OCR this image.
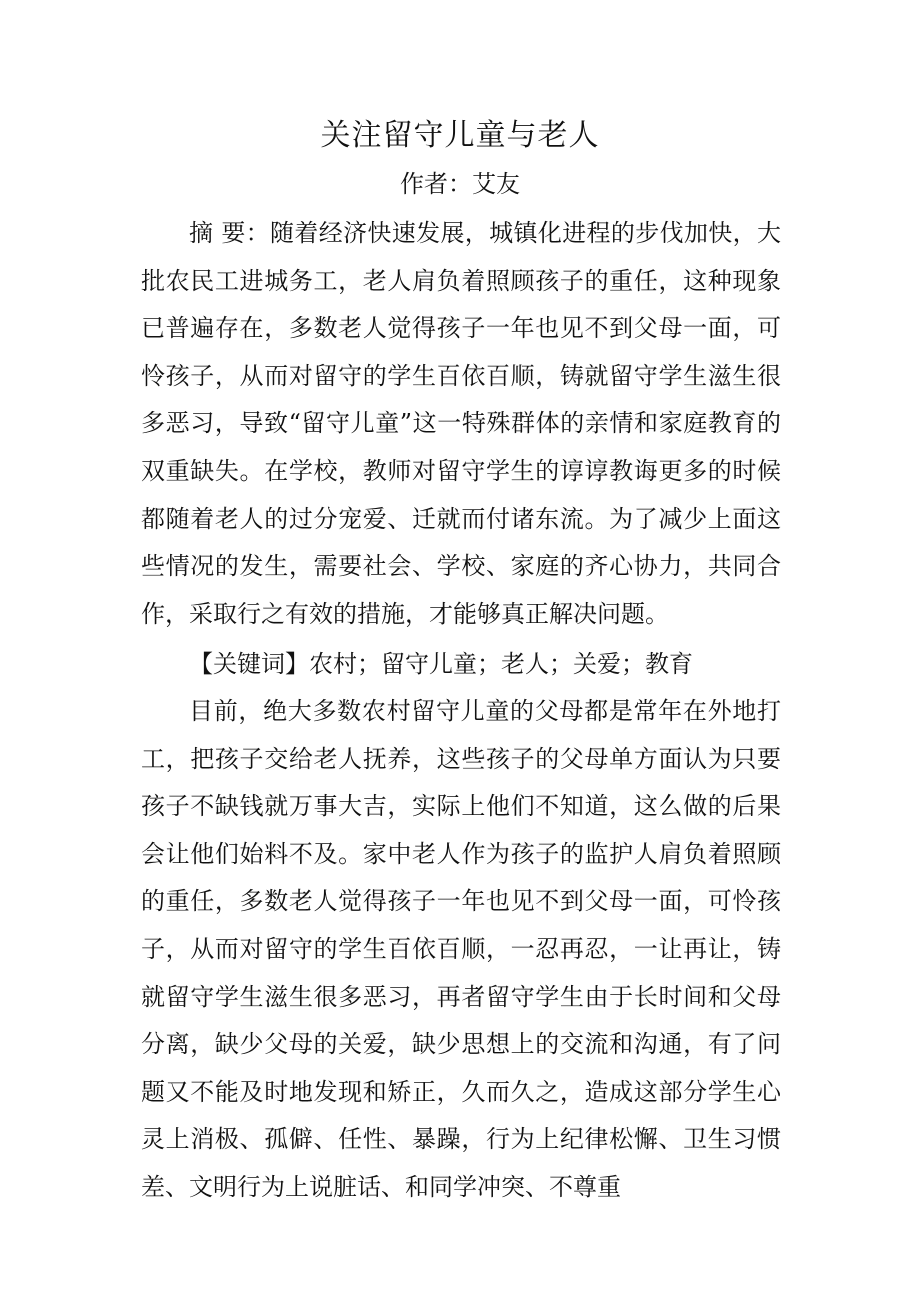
关注留守儿童与老人
作者：艾友

摘 要：随着经济快速发展，城镇化进程的步伐加快，大批农民工进城务工，老人肩负着照顾孩子的重任，这种现象已普遍存在，多数老人觉得孩子一年也见不到父母一面，可怜孩子，从而对留守的学生百依百顺，铸就留守学生滋生很多恶习，导致“留守儿童”这一特殊群体的亲情和家庭教育的双重缺失。在学校，教师对留守学生的谆谆教诲更多的时候都随着老人的过分宠爱、迁就而付诸东流。为了减少上面这些情况的发生，需要社会、学校、家庭的齐心协力，共同合作，采取行之有效的措施，才能够真正解决问题。

【关键词】农村；留守儿童；老人；关爱；教育

目前，绝大多数农村留守儿童的父母都是常年在外地打工，把孩子交给老人抚养，这些孩子的父母单方面认为只要孩子不缺钱就万事大吉，实际上他们不知道，这么做的后果会让他们始料不及。家中老人作为孩子的监护人肩负着照顾的重任，多数老人觉得孩子一年也见不到父母一面，可怜孩子，从而对留守的学生百依百顺，一忍再忍，一让再让，铸就留守学生滋生很多恶习，再者留守学生由于长时间和父母分离，缺少父母的关爱，缺少思想上的交流和沟通，有了问题又不能及时地发现和矫正，久而久之，造成这部分学生心灵上消极、孤僻、任性、暴躁，行为上纪律松懈、卫生习惯差、文明行为上说脏话、和同学冲突、不尊重
